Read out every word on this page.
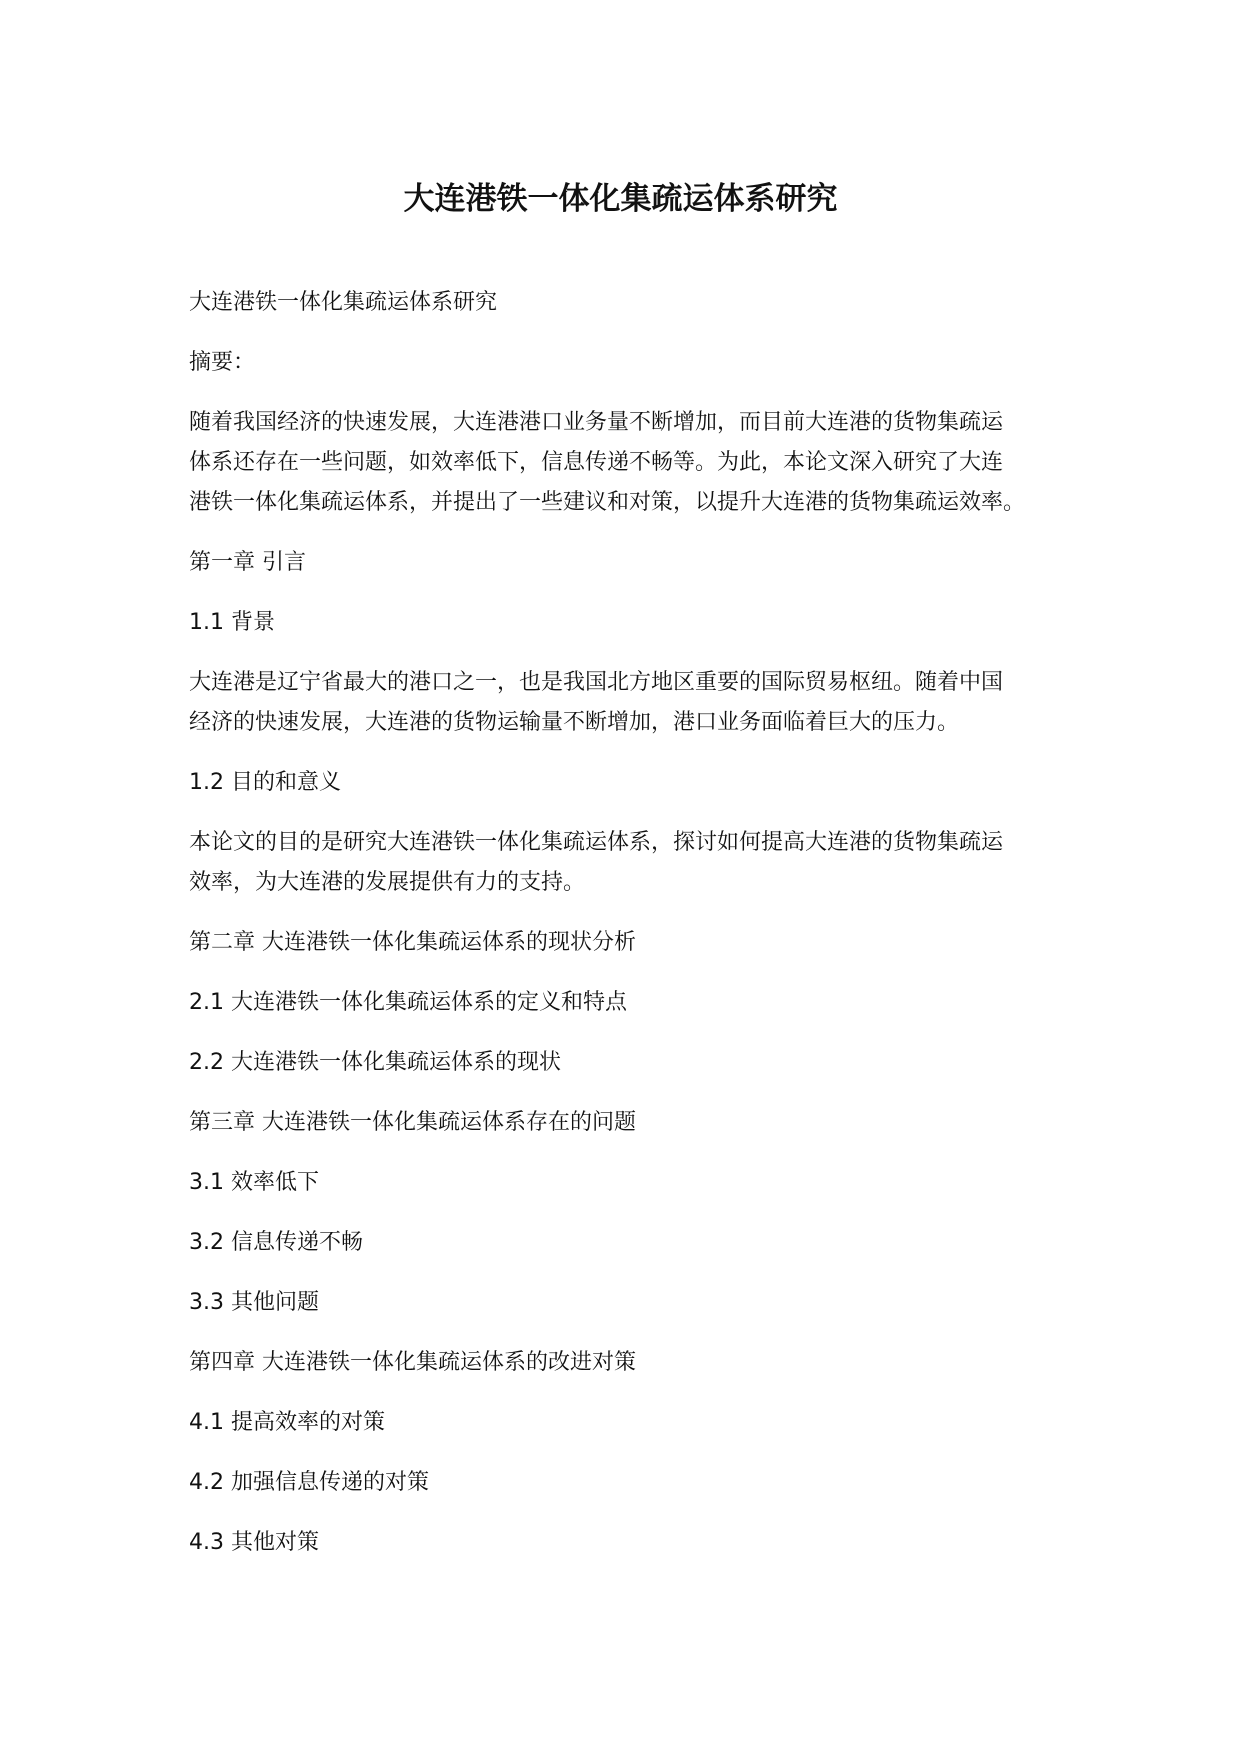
大连港铁一体化集疏运体系研究

大连港铁一体化集疏运体系研究

摘要：

随着我国经济的快速发展，大连港港口业务量不断增加，而目前大连港的货物集疏运
体系还存在一些问题，如效率低下，信息传递不畅等。为此，本论文深入研究了大连
港铁一体化集疏运体系，并提出了一些建议和对策，以提升大连港的货物集疏运效率。

第一章 引言

1.1 背景

大连港是辽宁省最大的港口之一，也是我国北方地区重要的国际贸易枢纽。随着中国
经济的快速发展，大连港的货物运输量不断增加，港口业务面临着巨大的压力。

1.2 目的和意义

本论文的目的是研究大连港铁一体化集疏运体系，探讨如何提高大连港的货物集疏运
效率，为大连港的发展提供有力的支持。

第二章 大连港铁一体化集疏运体系的现状分析

2.1 大连港铁一体化集疏运体系的定义和特点

2.2 大连港铁一体化集疏运体系的现状

第三章 大连港铁一体化集疏运体系存在的问题

3.1 效率低下

3.2 信息传递不畅

3.3 其他问题

第四章 大连港铁一体化集疏运体系的改进对策

4.1 提高效率的对策

4.2 加强信息传递的对策

4.3 其他对策
